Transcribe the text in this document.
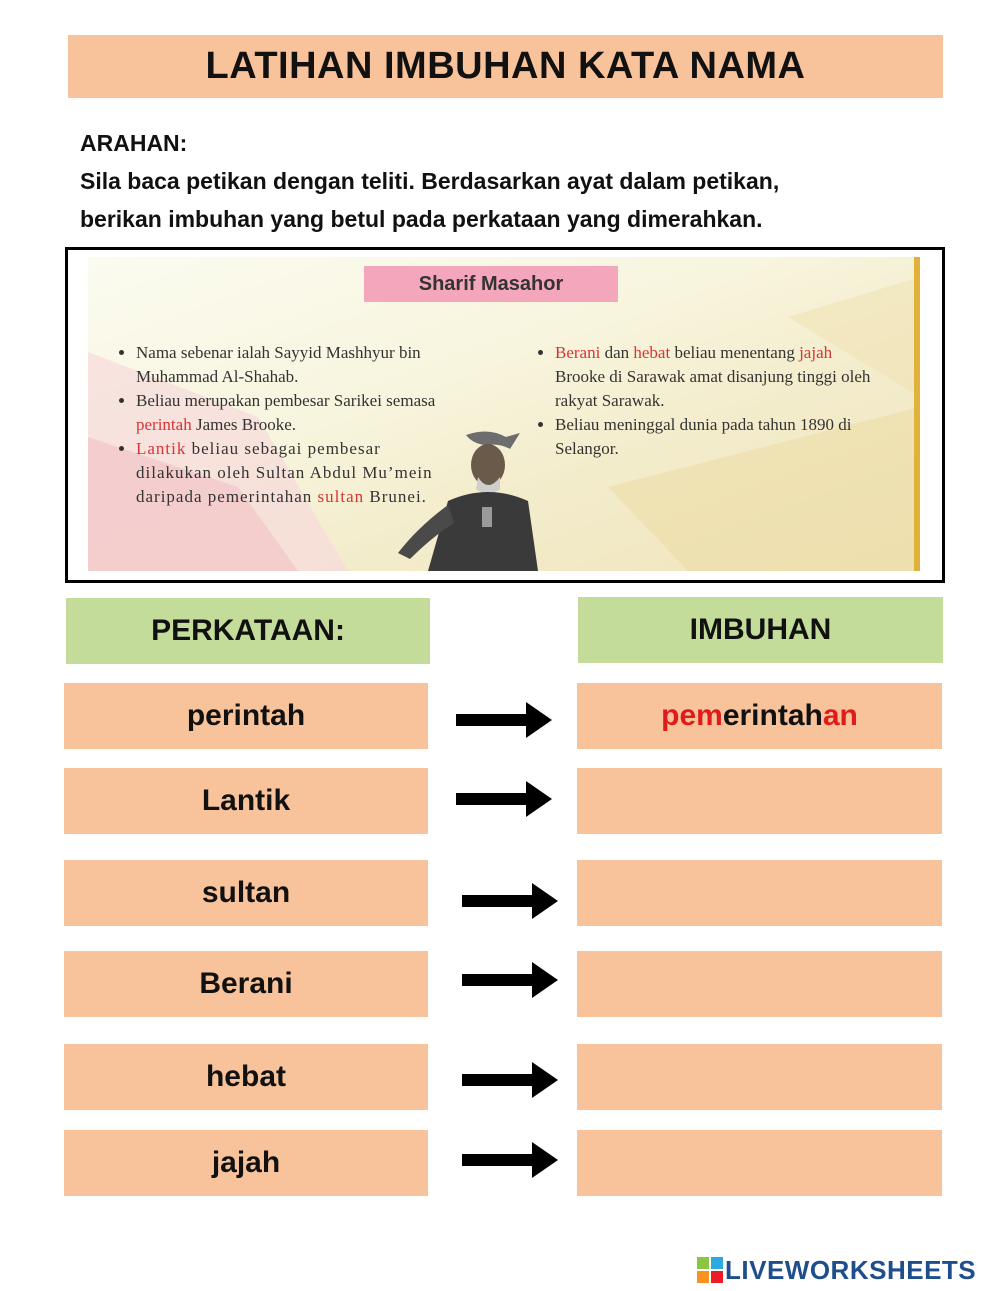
LATIHAN IMBUHAN KATA NAMA
ARAHAN:
Sila baca petikan dengan teliti. Berdasarkan ayat dalam petikan,
berikan imbuhan yang betul pada perkataan yang dimerahkan.
Sharif Masahor
• Nama sebenar ialah Sayyid Mashhyur bin Muhammad Al-Shahab.
• Beliau merupakan pembesar Sarikei semasa perintah James Brooke.
• Lantik beliau sebagai pembesar dilakukan oleh Sultan Abdul Mu’mein daripada pemerintahan sultan Brunei.
• Berani dan hebat beliau menentang jajah Brooke di Sarawak amat disanjung tinggi oleh rakyat Sarawak.
• Beliau meninggal dunia pada tahun 1890 di Selangor.
PERKATAAN:	IMBUHAN
perintah	pem erintah an
Lantik
sultan
Berani
hebat
jajah
LIVEWORKSHEETS
